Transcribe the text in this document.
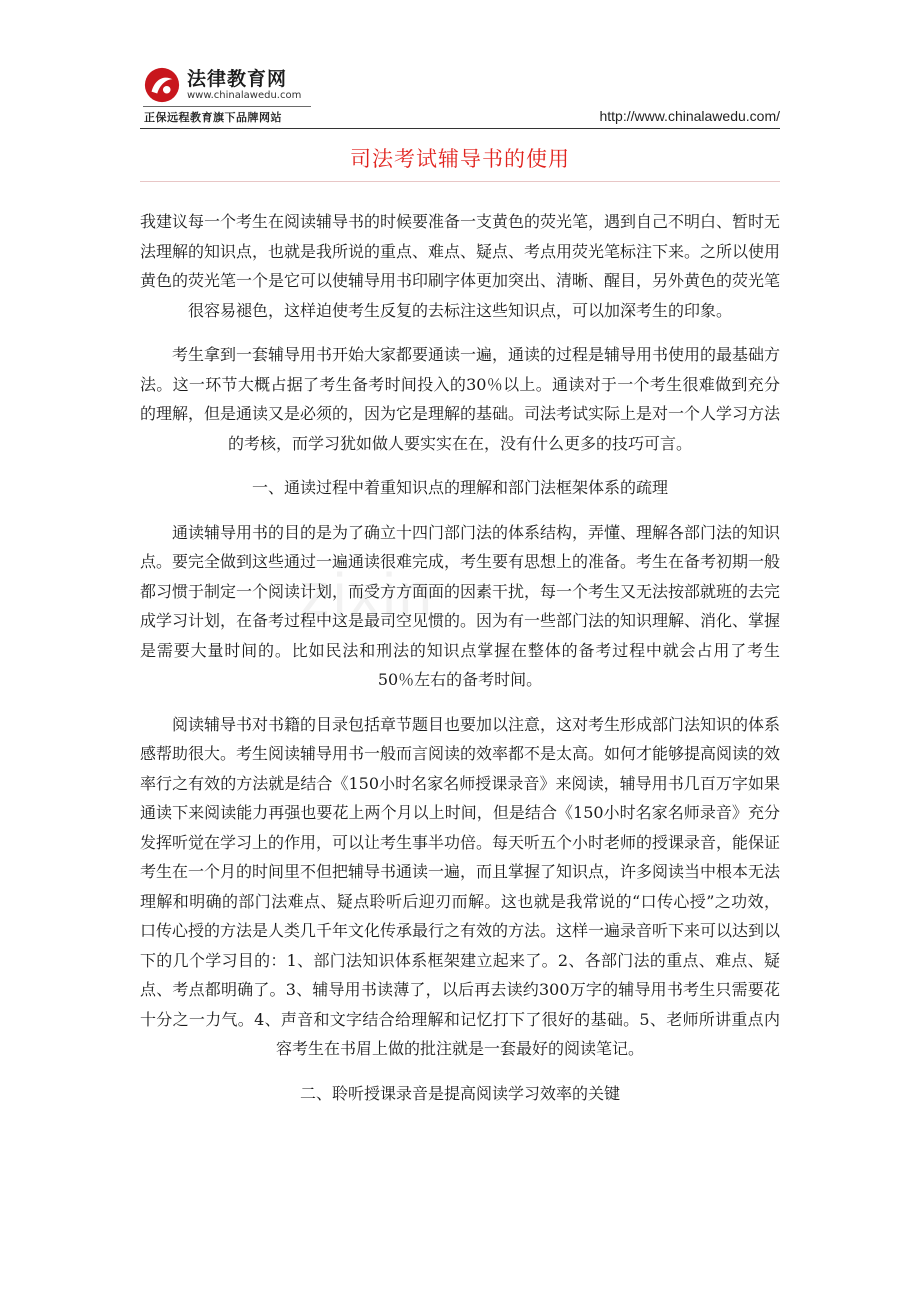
法律教育网
www.chinalawedu.com
正保远程教育旗下品牌网站	http://www.chinalawedu.com/
司法考试辅导书的使用
zixin

我建议每一个考生在阅读辅导书的时候要准备一支黄色的荧光笔，遇到自己不明白、暂时无法理解的知识点，也就是我所说的重点、难点、疑点、考点用荧光笔标注下来。之所以使用黄色的荧光笔一个是它可以使辅导用书印刷字体更加突出、清晰、醒目，另外黄色的荧光笔很容易褪色，这样迫使考生反复的去标注这些知识点，可以加深考生的印象。

考生拿到一套辅导用书开始大家都要通读一遍，通读的过程是辅导用书使用的最基础方法。这一环节大概占据了考生备考时间投入的30％以上。通读对于一个考生很难做到充分的理解，但是通读又是必须的，因为它是理解的基础。司法考试实际上是对一个人学习方法的考核，而学习犹如做人要实实在在，没有什么更多的技巧可言。

一、通读过程中着重知识点的理解和部门法框架体系的疏理

通读辅导用书的目的是为了确立十四门部门法的体系结构，弄懂、理解各部门法的知识点。要完全做到这些通过一遍通读很难完成，考生要有思想上的准备。考生在备考初期一般都习惯于制定一个阅读计划，而受方方面面的因素干扰，每一个考生又无法按部就班的去完成学习计划，在备考过程中这是最司空见惯的。因为有一些部门法的知识理解、消化、掌握是需要大量时间的。比如民法和刑法的知识点掌握在整体的备考过程中就会占用了考生50％左右的备考时间。

阅读辅导书对书籍的目录包括章节题目也要加以注意，这对考生形成部门法知识的体系感帮助很大。考生阅读辅导用书一般而言阅读的效率都不是太高。如何才能够提高阅读的效率行之有效的方法就是结合《150小时名家名师授课录音》来阅读，辅导用书几百万字如果通读下来阅读能力再强也要花上两个月以上时间，但是结合《150小时名家名师录音》充分发挥听觉在学习上的作用，可以让考生事半功倍。每天听五个小时老师的授课录音，能保证考生在一个月的时间里不但把辅导书通读一遍，而且掌握了知识点，许多阅读当中根本无法理解和明确的部门法难点、疑点聆听后迎刃而解。这也就是我常说的“口传心授”之功效，口传心授的方法是人类几千年文化传承最行之有效的方法。这样一遍录音听下来可以达到以下的几个学习目的：1、部门法知识体系框架建立起来了。2、各部门法的重点、难点、疑点、考点都明确了。3、辅导用书读薄了，以后再去读约300万字的辅导用书考生只需要花十分之一力气。4、声音和文字结合给理解和记忆打下了很好的基础。5、老师所讲重点内容考生在书眉上做的批注就是一套最好的阅读笔记。

二、聆听授课录音是提高阅读学习效率的关键
